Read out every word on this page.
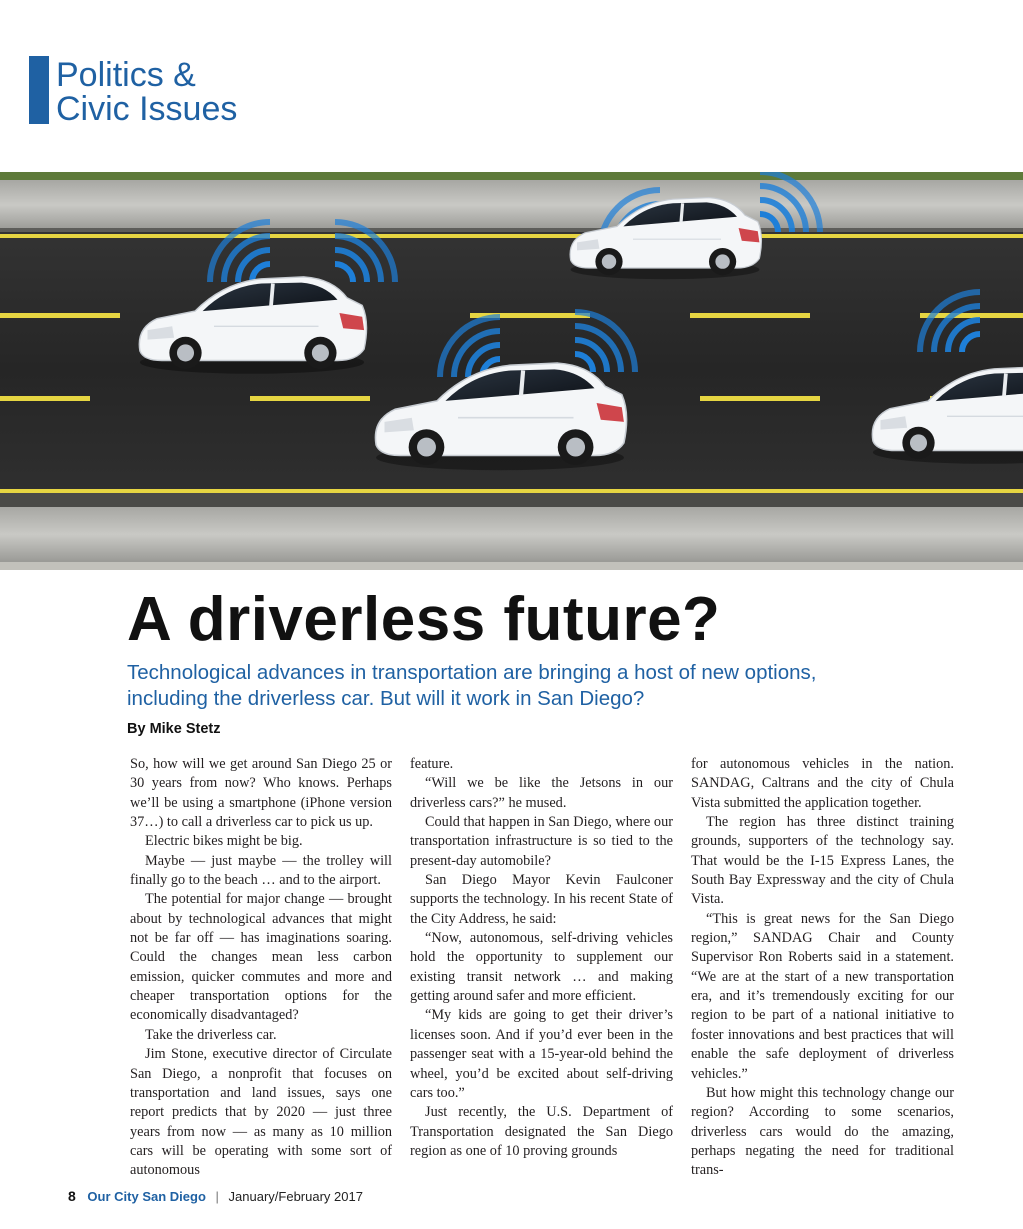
Politics &
Civic Issues
A driverless future?
Technological advances in transportation are bringing a host of new options, including the driverless car. But will it work in San Diego?
By Mike Stetz

So, how will we get around San Diego 25 or 30 years from now? Who knows. Perhaps we’ll be using a smartphone (iPhone version 37…) to call a driverless car to pick us up.

Electric bikes might be big.

Maybe — just maybe — the trolley will finally go to the beach … and to the airport.

The potential for major change — brought about by technological advances that might not be far off — has imaginations soaring. Could the changes mean less carbon emission, quicker commutes and more and cheaper transportation options for the economically disadvantaged?

Take the driverless car.

Jim Stone, executive director of Circulate San Diego, a nonprofit that focuses on transportation and land issues, says one report predicts that by 2020 — just three years from now — as many as 10 million cars will be operating with some sort of autonomous

feature.

“Will we be like the Jetsons in our driverless cars?” he mused.

Could that happen in San Diego, where our transportation infrastructure is so tied to the present-day automobile?

San Diego Mayor Kevin Faulconer supports the technology. In his recent State of the City Address, he said:

“Now, autonomous, self-driving vehicles hold the opportunity to supplement our existing transit network … and making getting around safer and more efficient.

“My kids are going to get their driver’s licenses soon. And if you’d ever been in the passenger seat with a 15-year-old behind the wheel, you’d be excited about self-driving cars too.”

Just recently, the U.S. Department of Transportation designated the San Diego region as one of 10 proving grounds

for autonomous vehicles in the nation. SANDAG, Caltrans and the city of Chula Vista submitted the application together.

The region has three distinct training grounds, supporters of the technology say. That would be the I-15 Express Lanes, the South Bay Expressway and the city of Chula Vista.

“This is great news for the San Diego region,” SANDAG Chair and County Supervisor Ron Roberts said in a statement. “We are at the start of a new transportation era, and it’s tremendously exciting for our region to be part of a national initiative to foster innovations and best practices that will enable the safe deployment of driverless vehicles.”

But how might this technology change our region? According to some scenarios, driverless cars would do the amazing, perhaps negating the need for traditional trans-

8 Our City San Diego | January/February 2017
